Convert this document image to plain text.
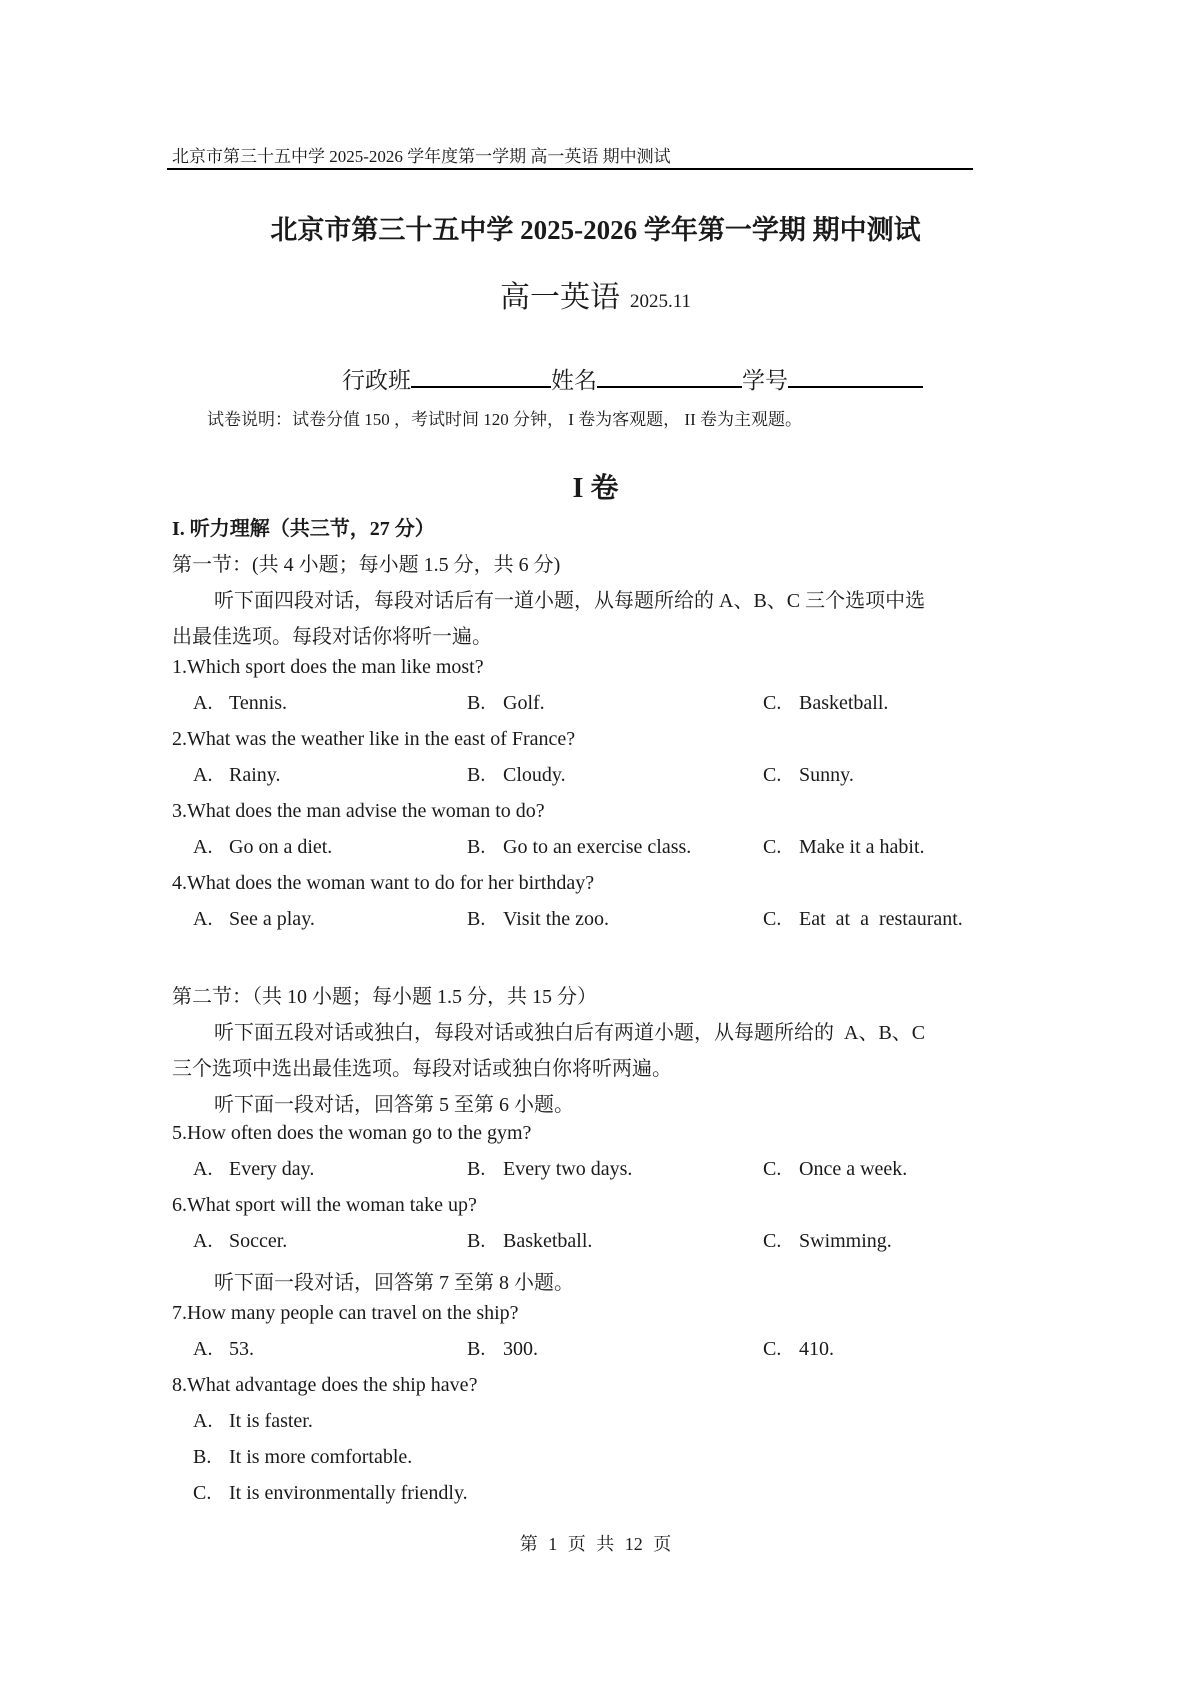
北京市第三十五中学 2025-2026 学年度第一学期 高一英语 期中测试
北京市第三十五中学 2025-2026 学年第一学期 期中测试
高一英语 2025.11
行政班	姓名	学号
试卷说明：试卷分值 150 ，考试时间 120 分钟， I 卷为客观题， II 卷为主观题。
I 卷
I. 听力理解（共三节，27 分）
第一节：(共 4 小题；每小题 1.5 分，共 6 分)
听下面四段对话，每段对话后有一道小题，从每题所给的 A、B、C 三个选项中选
出最佳选项。每段对话你将听一遍。
1.Which sport does the man like most?
A. Tennis.	B. Golf.	C. Basketball.
2.What was the weather like in the east of France?
A. Rainy.	B. Cloudy.	C. Sunny.
3.What does the man advise the woman to do?
A. Go on a diet.	B. Go to an exercise class.	C. Make it a habit.
4.What does the woman want to do for her birthday?
A. See a play.	B. Visit the zoo.	C. Eat  at  a  restaurant.
第二节：（共 10 小题；每小题 1.5 分，共 15 分）
听下面五段对话或独白，每段对话或独白后有两道小题，从每题所给的  A、B、C
三个选项中选出最佳选项。每段对话或独白你将听两遍。
听下面一段对话，回答第 5 至第 6 小题。
5.How often does the woman go to the gym?
A. Every day.	B. Every two days.	C. Once a week.
6.What sport will the woman take up?
A. Soccer.	B. Basketball.	C. Swimming.
听下面一段对话，回答第 7 至第 8 小题。
7.How many people can travel on the ship?
A. 53.	B. 300.	C. 410.
8.What advantage does the ship have?
A. It is faster.
B. It is more comfortable.
C. It is environmentally friendly.
第 1 页 共 12 页
